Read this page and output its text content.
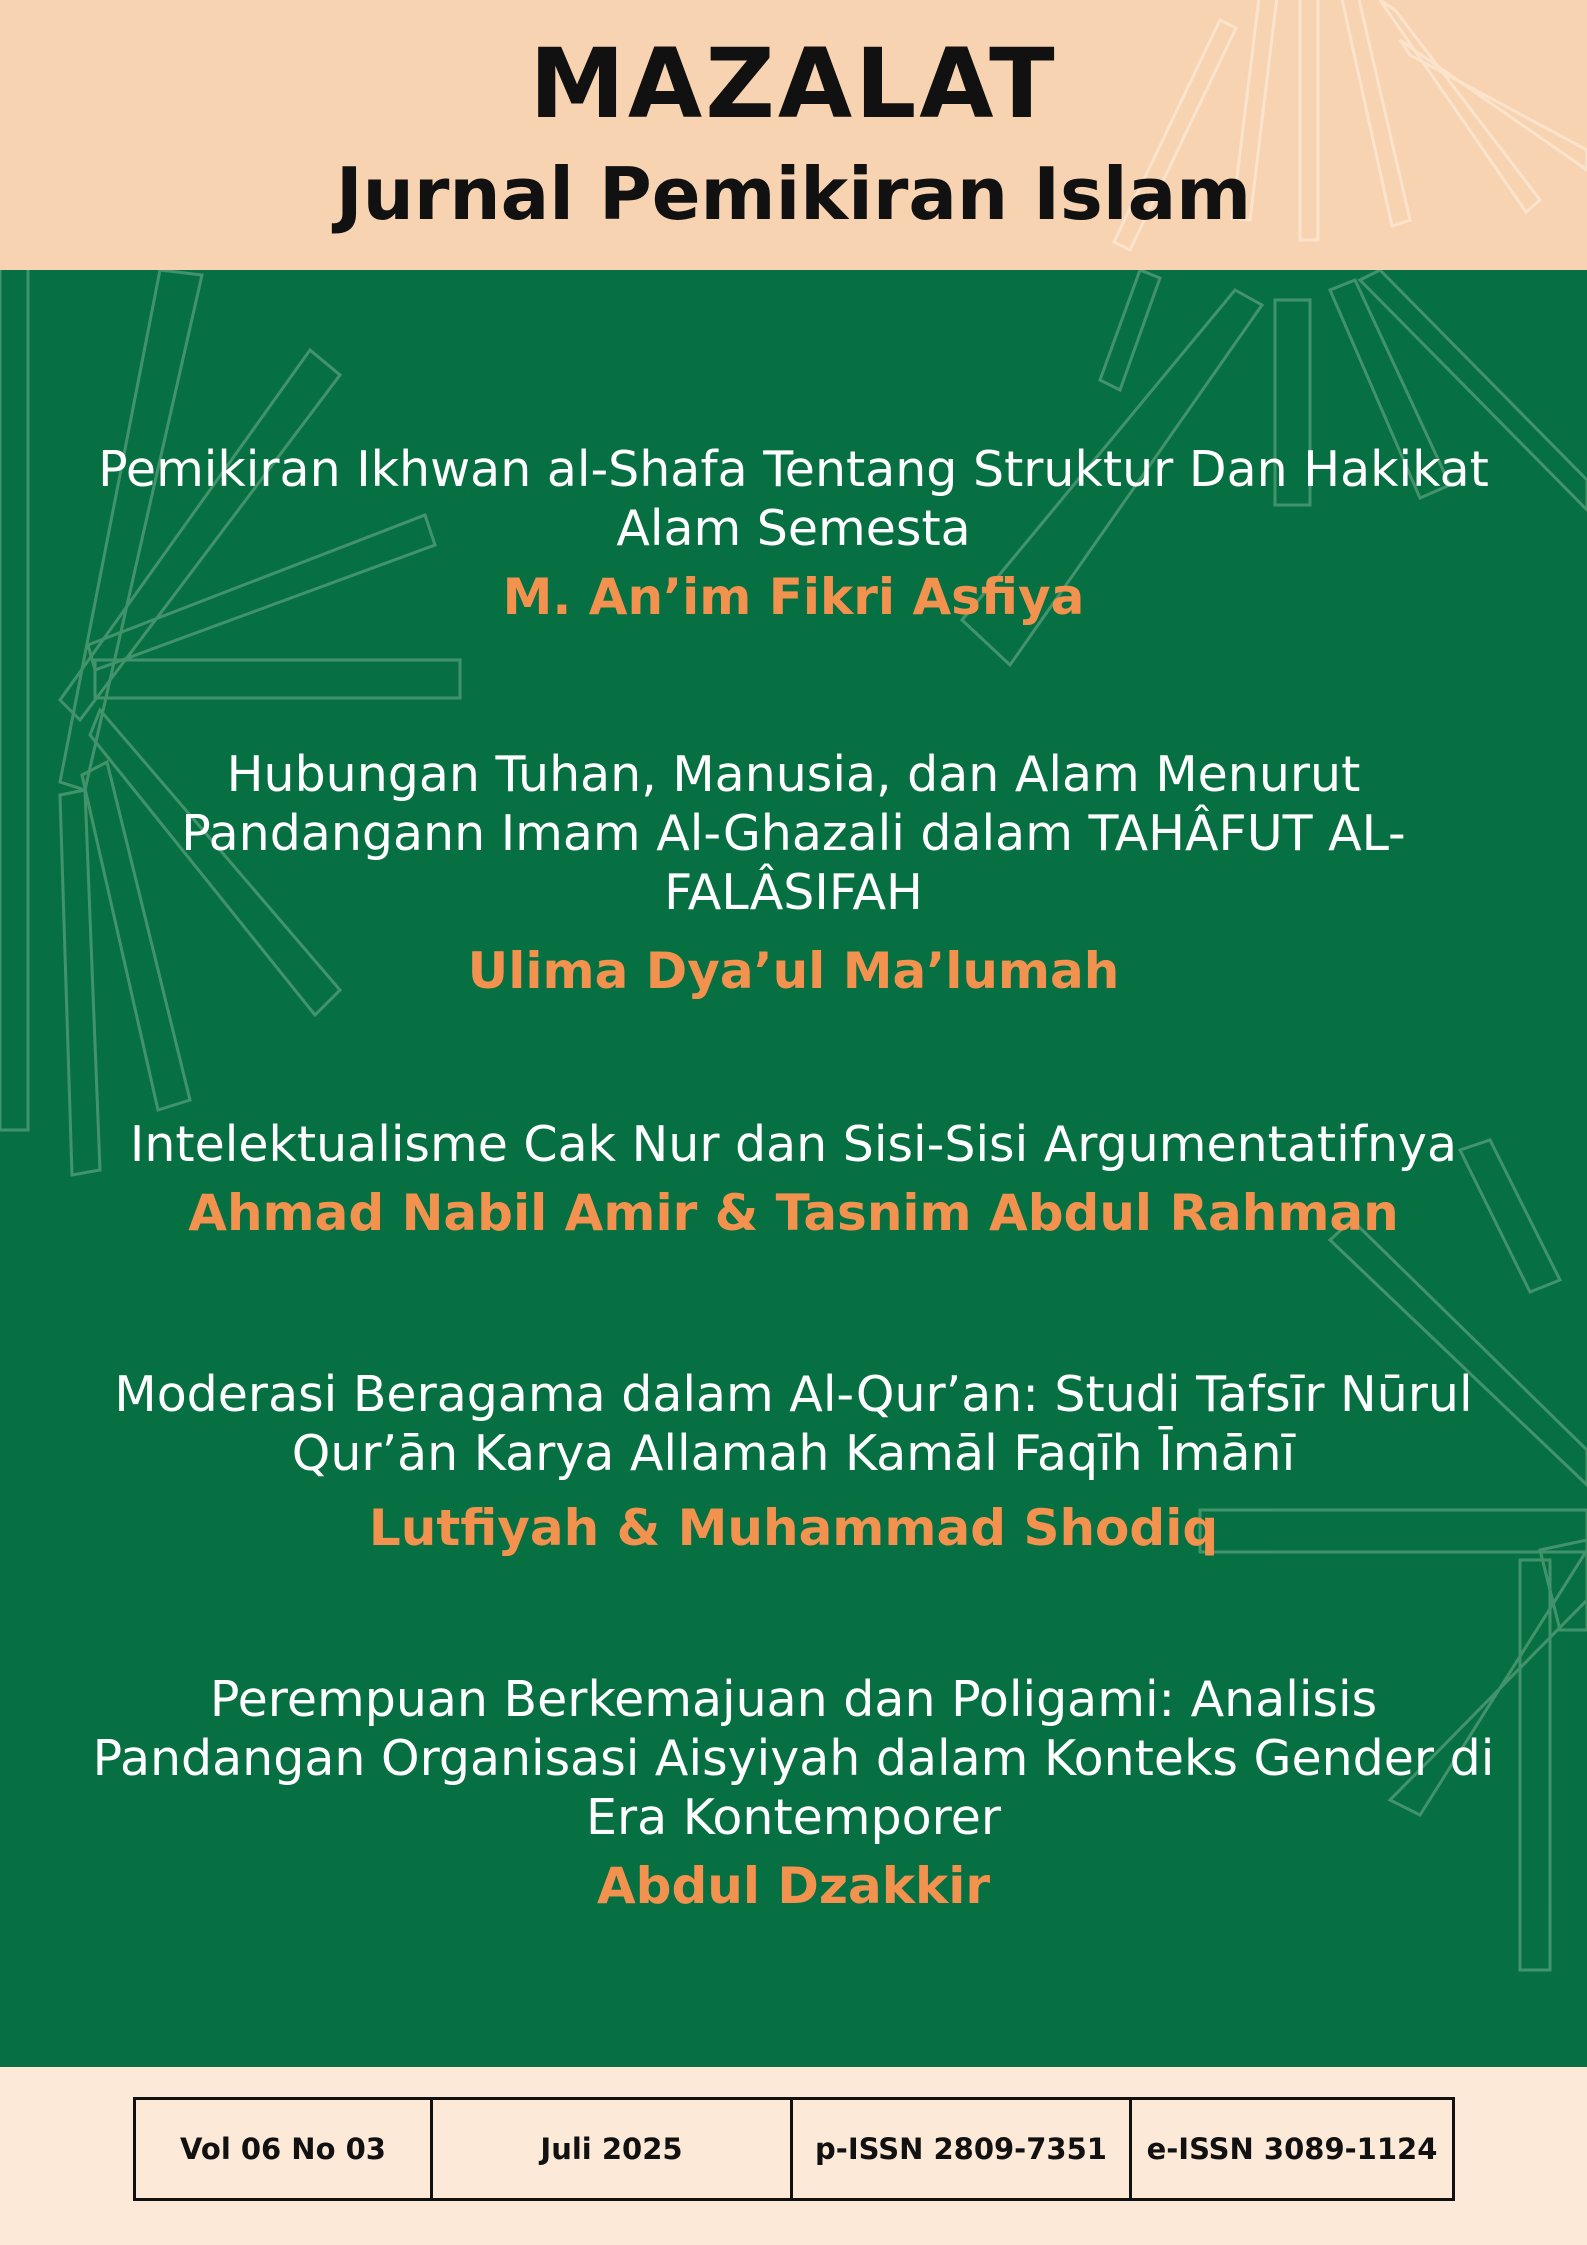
MAZALAT
Jurnal Pemikiran Islam
Pemikiran Ikhwan al-Shafa Tentang Struktur Dan Hakikat Alam Semesta
M. An’im Fikri Asfiya
Hubungan Tuhan, Manusia, dan Alam Menurut Pandangann Imam Al-Ghazali dalam TAHÂFUT AL-FALÂSIFAH
Ulima Dya’ul Ma’lumah
Intelektualisme Cak Nur dan Sisi-Sisi Argumentatifnya
Ahmad Nabil Amir & Tasnim Abdul Rahman
Moderasi Beragama dalam Al-Qur’an: Studi Tafsīr Nūrul Qur’ān Karya Allamah Kamāl Faqīh Īmānī
Lutfiyah & Muhammad Shodiq
Perempuan Berkemajuan dan Poligami: Analisis Pandangan Organisasi Aisyiyah dalam Konteks Gender di Era Kontemporer
Abdul Dzakkir
Vol 06 No 03	Juli 2025	p-ISSN 2809-7351	e-ISSN 3089-1124
